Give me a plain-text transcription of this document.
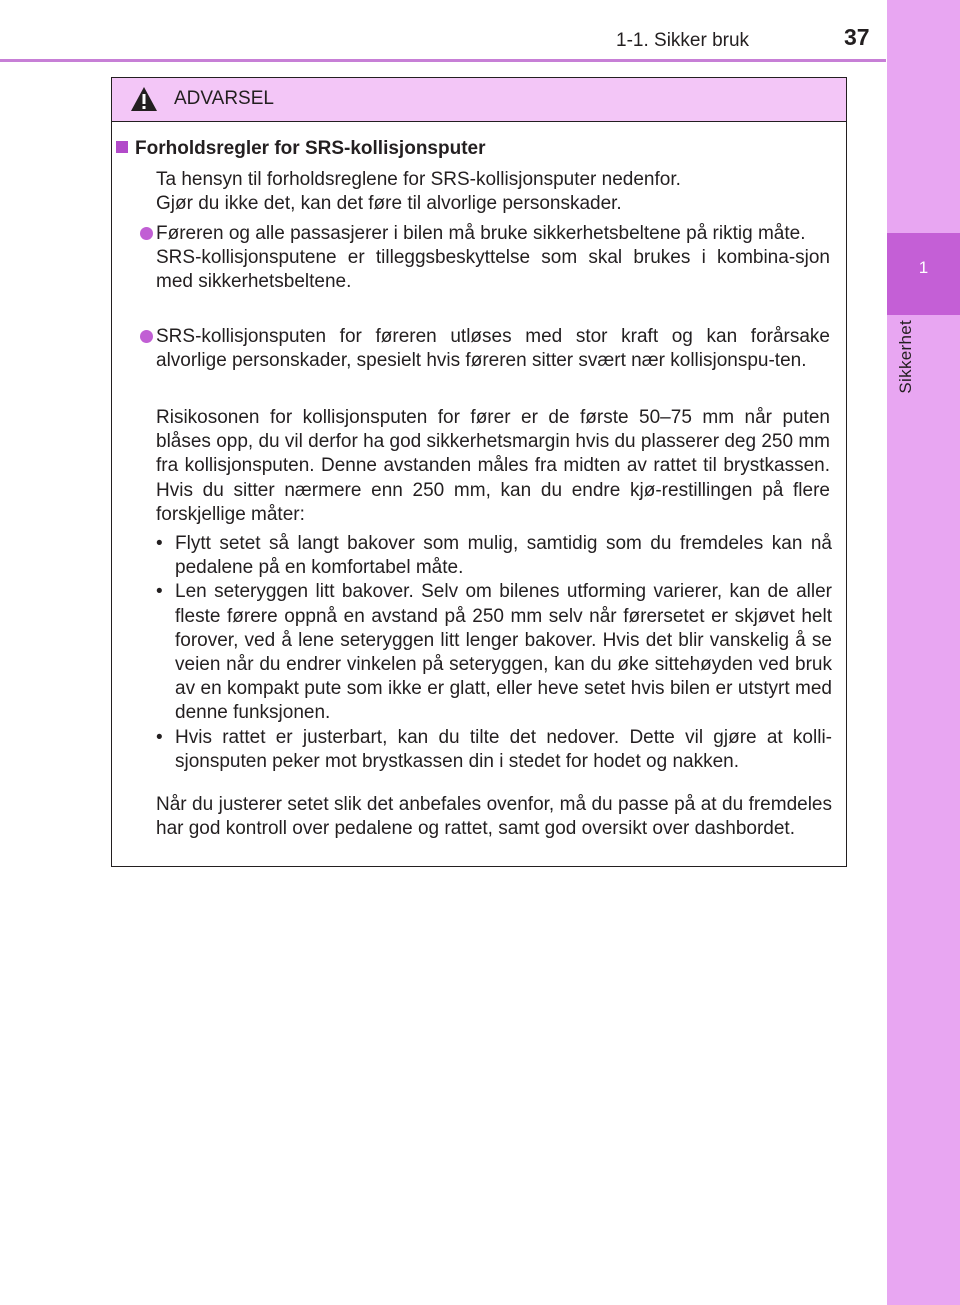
1-1. Sikker bruk	37
1
Sikkerhet
ADVARSEL
Forholdsregler for SRS-kollisjonsputer

Ta hensyn til forholdsreglene for SRS-kollisjonsputer nedenfor.

Gjør du ikke det, kan det føre til alvorlige personskader.

Føreren og alle passasjerer i bilen må bruke sikkerhetsbeltene på riktig måte.

SRS-kollisjonsputene er tilleggsbeskyttelse som skal brukes i kombina-sjon med sikkerhetsbeltene.

SRS-kollisjonsputen for føreren utløses med stor kraft og kan forårsake alvorlige personskader, spesielt hvis føreren sitter svært nær kollisjonspu-ten.

Risikosonen for kollisjonsputen for fører er de første 50–75 mm når puten blåses opp, du vil derfor ha god sikkerhetsmargin hvis du plasserer deg 250 mm fra kollisjonsputen. Denne avstanden måles fra midten av rattet til brystkassen. Hvis du sitter nærmere enn 250 mm, kan du endre kjø-restillingen på flere forskjellige måter:

• Flytt setet så langt bakover som mulig, samtidig som du fremdeles kan nå pedalene på en komfortabel måte.

• Len seteryggen litt bakover. Selv om bilenes utforming varierer, kan de aller fleste førere oppnå en avstand på 250 mm selv når førersetet er skjøvet helt forover, ved å lene seteryggen litt lenger bakover. Hvis det blir vanskelig å se veien når du endrer vinkelen på seteryggen, kan du øke sittehøyden ved bruk av en kompakt pute som ikke er glatt, eller heve setet hvis bilen er utstyrt med denne funksjonen.

• Hvis rattet er justerbart, kan du tilte det nedover. Dette vil gjøre at kolli-sjonsputen peker mot brystkassen din i stedet for hodet og nakken.

Når du justerer setet slik det anbefales ovenfor, må du passe på at du fremdeles har god kontroll over pedalene og rattet, samt god oversikt over dashbordet.
